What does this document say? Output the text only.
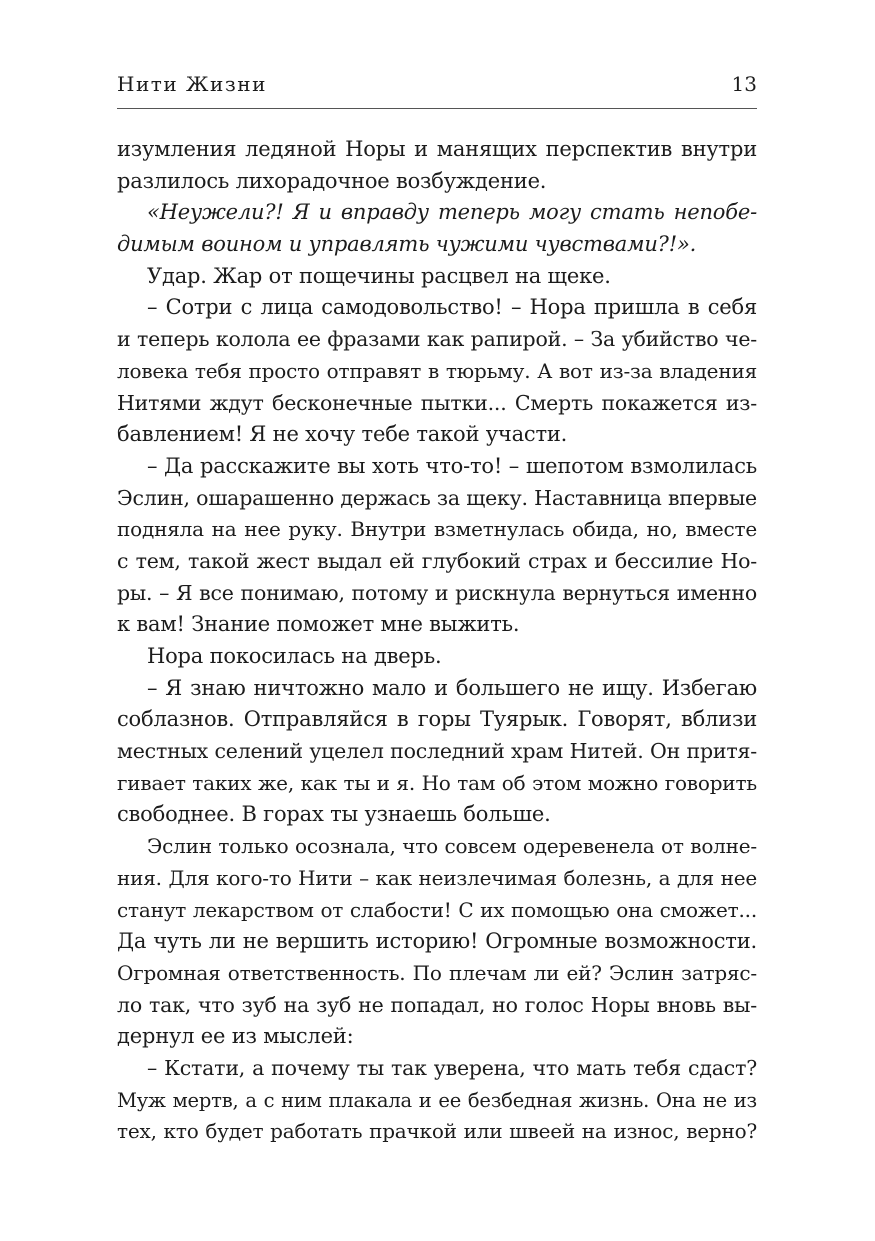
Нити Жизни	13
изумления ледяной Норы и манящих перспектив внутри
разлилось лихорадочное возбуждение.
«Неужели?! Я и вправду теперь могу стать непобе-
димым воином и управлять чужими чувствами?!».
Удар. Жар от пощечины расцвел на щеке.
– Сотри с лица самодовольство! – Нора пришла в себя
и теперь колола ее фразами как рапирой. – За убийство че-
ловека тебя просто отправят в тюрьму. А вот из-за владения
Нитями ждут бесконечные пытки... Смерть покажется из-
бавлением! Я не хочу тебе такой участи.
– Да расскажите вы хоть что-то! – шепотом взмолилась
Эслин, ошарашенно держась за щеку. Наставница впервые
подняла на нее руку. Внутри взметнулась обида, но, вместе
с тем, такой жест выдал ей глубокий страх и бессилие Но-
ры. – Я все понимаю, потому и рискнула вернуться именно
к вам! Знание поможет мне выжить.
Нора покосилась на дверь.
– Я знаю ничтожно мало и большего не ищу. Избегаю
соблазнов. Отправляйся в горы Туярык. Говорят, вблизи
местных селений уцелел последний храм Нитей. Он притя-
гивает таких же, как ты и я. Но там об этом можно говорить
свободнее. В горах ты узнаешь больше.
Эслин только осознала, что совсем одеревенела от волне-
ния. Для кого-то Нити – как неизлечимая болезнь, а для нее
станут лекарством от слабости! С их помощью она сможет...
Да чуть ли не вершить историю! Огромные возможности.
Огромная ответственность. По плечам ли ей? Эслин затряс-
ло так, что зуб на зуб не попадал, но голос Норы вновь вы-
дернул ее из мыслей:
– Кстати, а почему ты так уверена, что мать тебя сдаст?
Муж мертв, а с ним плакала и ее безбедная жизнь. Она не из
тех, кто будет работать прачкой или швеей на износ, верно?
